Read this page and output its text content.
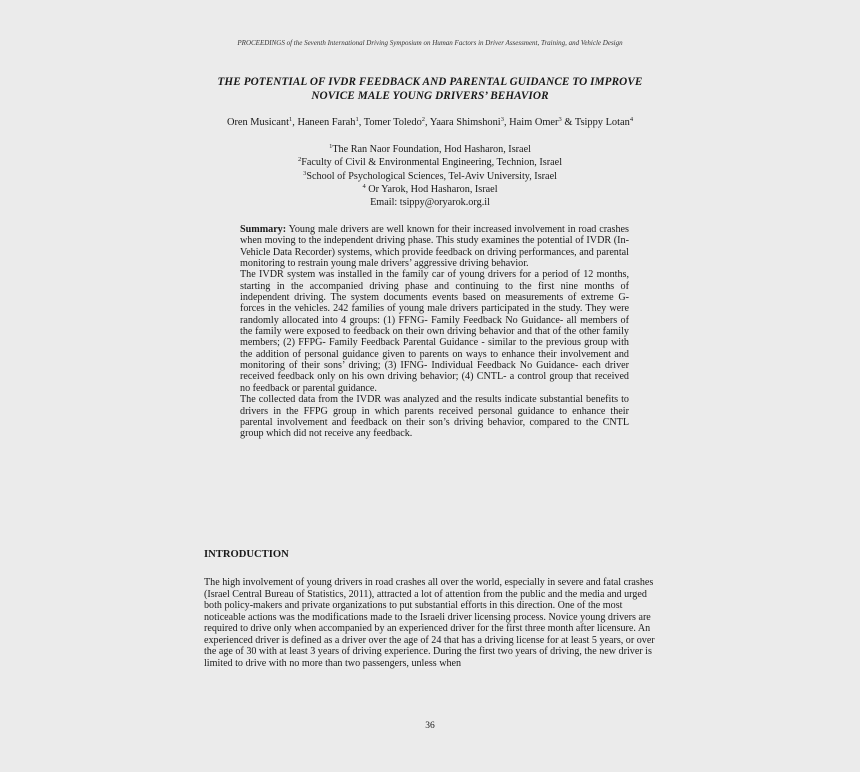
PROCEEDINGS of the Seventh International Driving Symposium on Human Factors in Driver Assessment, Training, and Vehicle Design
THE POTENTIAL OF IVDR FEEDBACK AND PARENTAL GUIDANCE TO IMPROVE
NOVICE MALE YOUNG DRIVERS’ BEHAVIOR
Oren Musicant$^1$, Haneen Farah$^1$, Tomer Toledo$^2$, Yaara Shimshoni$^3$, Haim Omer$^3$ & Tsippy Lotan$^4$
$^1$The Ran Naor Foundation, Hod Hasharon, Israel
$^2$Faculty of Civil & Environmental Engineering, Technion, Israel
$^3$School of Psychological Sciences, Tel-Aviv University, Israel
$^4$ Or Yarok, Hod Hasharon, Israel
Email: tsippy@oryarok.org.il

Summary: Young male drivers are well known for their increased involvement in road crashes when moving to the independent driving phase. This study examines the potential of IVDR (In-Vehicle Data Recorder) systems, which provide feedback on driving performances, and parental monitoring to restrain young male drivers’ aggressive driving behavior.

The IVDR system was installed in the family car of young drivers for a period of 12 months, starting in the accompanied driving phase and continuing to the first nine months of independent driving. The system documents events based on measurements of extreme G-forces in the vehicles. 242 families of young male drivers participated in the study. They were randomly allocated into 4 groups: (1) FFNG- Family Feedback No Guidance- all members of the family were exposed to feedback on their own driving behavior and that of the other family members; (2) FFPG- Family Feedback Parental Guidance - similar to the previous group with the addition of personal guidance given to parents on ways to enhance their involvement and monitoring of their sons’ driving; (3) IFNG- Individual Feedback No Guidance- each driver received feedback only on his own driving behavior; (4) CNTL- a control group that received no feedback or parental guidance.

The collected data from the IVDR was analyzed and the results indicate substantial benefits to drivers in the FFPG group in which parents received personal guidance to enhance their parental involvement and feedback on their son’s driving behavior, compared to the CNTL group which did not receive any feedback.

INTRODUCTION

The high involvement of young drivers in road crashes all over the world, especially in severe and fatal crashes (Israel Central Bureau of Statistics, 2011), attracted a lot of attention from the public and the media and urged both policy-makers and private organizations to put substantial efforts in this direction. One of the most noticeable actions was the modifications made to the Israeli driver licensing process. Novice young drivers are required to drive only when accompanied by an experienced driver for the first three month after licensure. An experienced driver is defined as a driver over the age of 24 that has a driving license for at least 5 years, or over the age of 30 with at least 3 years of driving experience. During the first two years of driving, the new driver is limited to drive with no more than two passengers, unless when

36
